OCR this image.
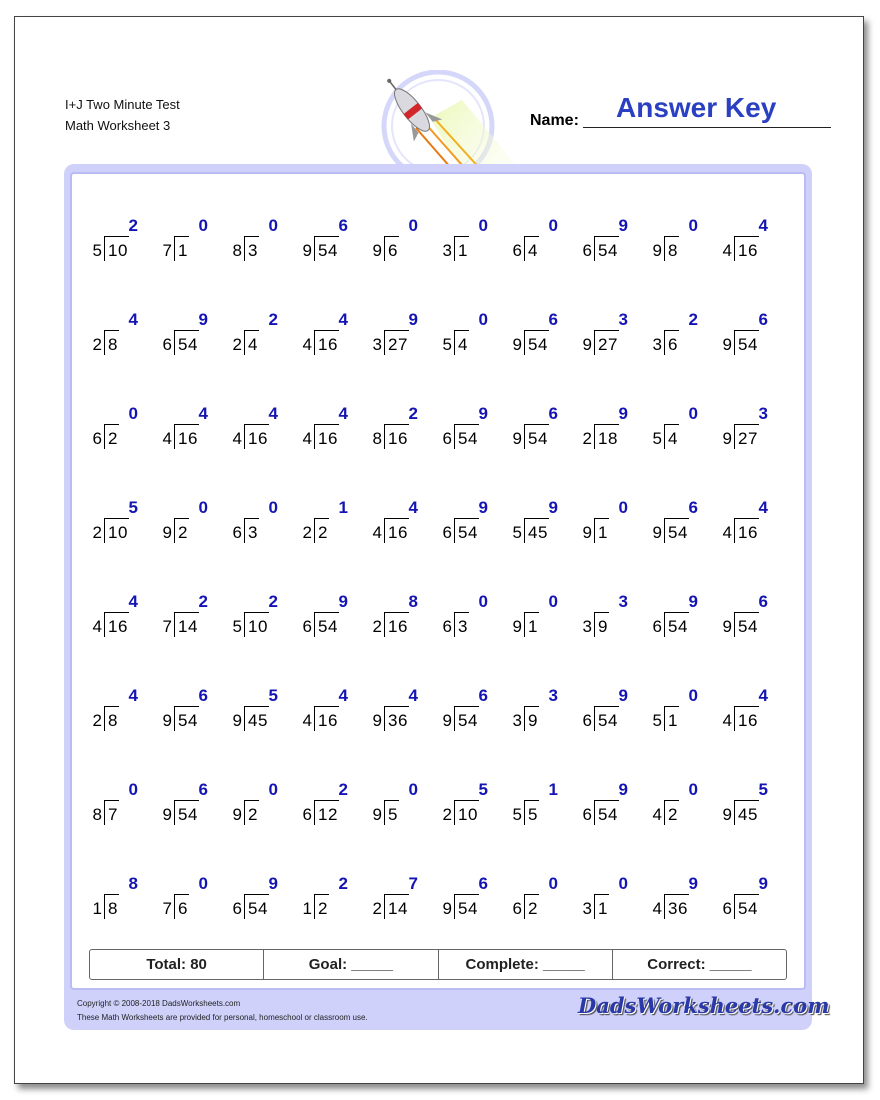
I+J Two Minute Test
Math Worksheet 3
Answer Key
Name:
2
5 10
0
7 1
0
8 3
6
9 54
0
9 6
0
3 1
0
6 4
9
6 54
0
9 8
4
4 16
4
2 8
9
6 54
2
2 4
4
4 16
9
3 27
0
5 4
6
9 54
3
9 27
2
3 6
6
9 54
0
6 2
4
4 16
4
4 16
4
4 16
2
8 16
9
6 54
6
9 54
9
2 18
0
5 4
3
9 27
5
2 10
0
9 2
0
6 3
1
2 2
4
4 16
9
6 54
9
5 45
0
9 1
6
9 54
4
4 16
4
4 16
2
7 14
2
5 10
9
6 54
8
2 16
0
6 3
0
9 1
3
3 9
9
6 54
6
9 54
4
2 8
6
9 54
5
9 45
4
4 16
4
9 36
6
9 54
3
3 9
9
6 54
0
5 1
4
4 16
0
8 7
6
9 54
0
9 2
2
6 12
0
9 5
5
2 10
1
5 5
9
6 54
0
4 2
5
9 45
8
1 8
0
7 6
9
6 54
2
1 2
7
2 14
6
9 54
0
6 2
0
3 1
9
4 36
9
6 54
Total: 80	Goal: _____	Complete: _____	Correct: _____
Copyright © 2008-2018 DadsWorksheets.com
These Math Worksheets are provided for personal, homeschool or classroom use.	DadsWorksheets.com
